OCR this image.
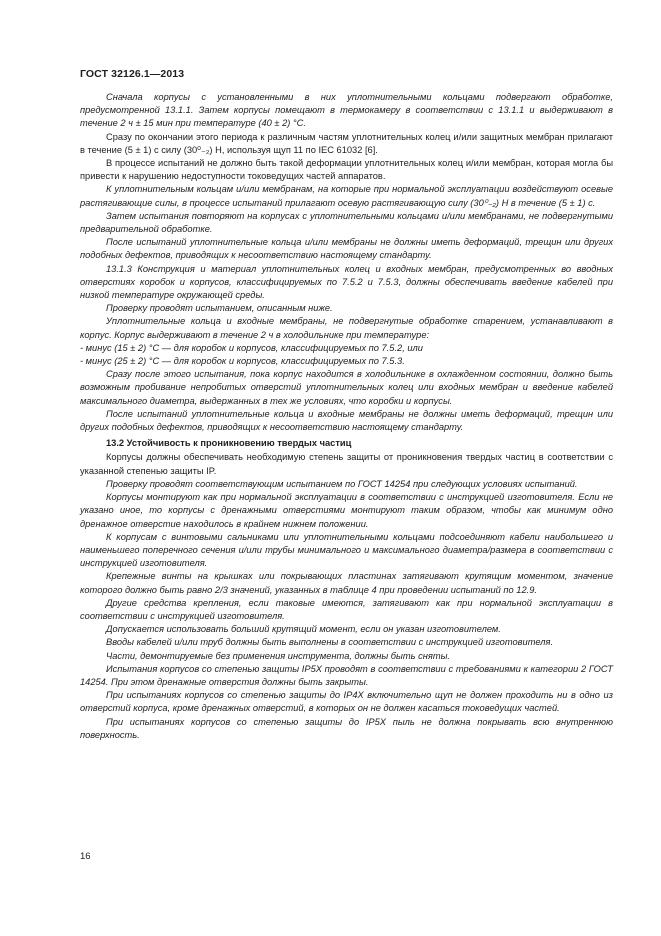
ГОСТ 32126.1—2013

Сначала корпусы с установленными в них уплотнительными кольцами подвергают обработке, предусмотренной 13.1.1. Затем корпусы помещают в термокамеру в соответствии с 13.1.1 и выдерживают в течение 2 ч ± 15 мин при температуре (40 ± 2) °С.

Сразу по окончании этого периода к различным частям уплотнительных колец и/или защитных мембран прилагают в течение (5 ± 1) с силу (30⁰₋₂) Н, используя щуп 11 по IEC 61032 [6].

В процессе испытаний не должно быть такой деформации уплотнительных колец и/или мембран, которая могла бы привести к нарушению недоступности токоведущих частей аппаратов.

К уплотнительным кольцам и/или мембранам, на которые при нормальной эксплуатации воздействуют осевые растягивающие силы, в процессе испытаний прилагают осевую растягивающую силу (30⁰₋₂) Н в течение (5 ± 1) с.

Затем испытания повторяют на корпусах с уплотнительными кольцами и/или мембранами, не подвергнутыми предварительной обработке.

После испытаний уплотнительные кольца и/или мембраны не должны иметь деформаций, трещин или других подобных дефектов, приводящих к несоответствию настоящему стандарту.

13.1.3 Конструкция и материал уплотнительных колец и входных мембран, предусмотренных во вводных отверстиях коробок и корпусов, классифицируемых по 7.5.2 и 7.5.3, должны обеспечивать введение кабелей при низкой температуре окружающей среды.

Проверку проводят испытанием, описанным ниже.

Уплотнительные кольца и входные мембраны, не подвергнутые обработке старением, устанавливают в корпус. Корпус выдерживают в течение 2 ч в холодильнике при температуре:

- минус (15 ± 2) °С — для коробок и корпусов, классифицируемых по 7.5.2, или

- минус (25 ± 2) °С — для коробок и корпусов, классифицируемых по 7.5.3.

Сразу после этого испытания, пока корпус находится в холодильнике в охлажденном состоянии, должно быть возможным пробивание непробитых отверстий уплотнительных колец или входных мембран и введение кабелей максимального диаметра, выдержанных в тех же условиях, что коробки и корпусы.

После испытаний уплотнительные кольца и входные мембраны не должны иметь деформаций, трещин или других подобных дефектов, приводящих к несоответствию настоящему стандарту.

13.2 Устойчивость к проникновению твердых частиц

Корпусы должны обеспечивать необходимую степень защиты от проникновения твердых частиц в соответствии с указанной степенью защиты IP.

Проверку проводят соответствующим испытанием по ГОСТ 14254 при следующих условиях испытаний.

Корпусы монтируют как при нормальной эксплуатации в соответствии с инструкцией изготовителя. Если не указано иное, то корпусы с дренажными отверстиями монтируют таким образом, чтобы как минимум одно дренажное отверстие находилось в крайнем нижнем положении.

К корпусам с винтовыми сальниками или уплотнительными кольцами подсоединяют кабели наибольшего и наименьшего поперечного сечения и/или трубы минимального и максимального диаметра/размера в соответствии с инструкцией изготовителя.

Крепежные винты на крышках или покрывающих пластинах затягивают крутящим моментом, значение которого должно быть равно 2/3 значений, указанных в таблице 4 при проведении испытаний по 12.9.

Другие средства крепления, если таковые имеются, затягивают как при нормальной эксплуатации в соответствии с инструкцией изготовителя.

Допускается использовать больший крутящий момент, если он указан изготовителем.

Вводы кабелей и/или труб должны быть выполнены в соответствии с инструкцией изготовителя.

Части, демонтируемые без применения инструмента, должны быть сняты.

Испытания корпусов со степенью защиты IP5X проводят в соответствии с требованиями к категории 2 ГОСТ 14254. При этом дренажные отверстия должны быть закрыты.

При испытаниях корпусов со степенью защиты до IP4X включительно щуп не должен проходить ни в одно из отверстий корпуса, кроме дренажных отверстий, в которых он не должен касаться токоведущих частей.

При испытаниях корпусов со степенью защиты до IP5X пыль не должна покрывать всю внутреннюю поверхность.

16
